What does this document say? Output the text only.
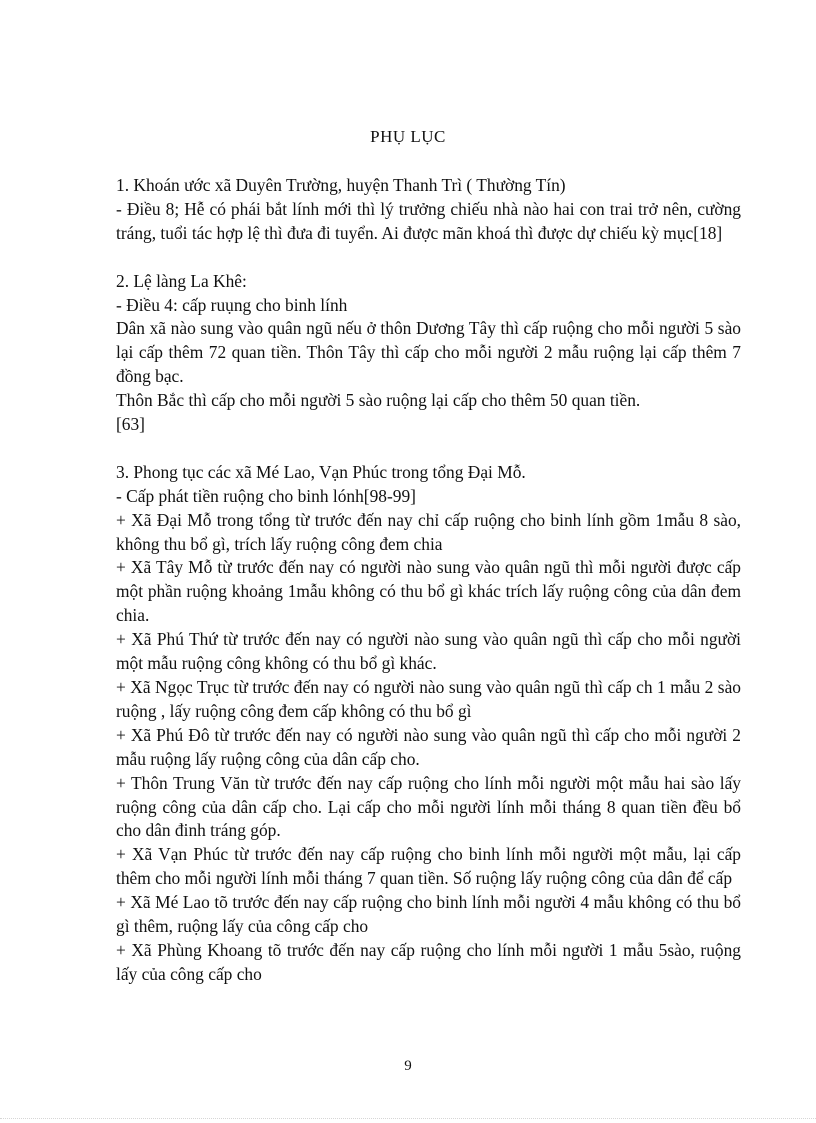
PHỤ LỤC

1. Khoán ước xã Duyên Trường, huyện Thanh Trì ( Thường Tín)

- Điều 8; Hễ có phái bắt lính mới thì lý trưởng chiếu nhà nào hai con trai trở nên, cường tráng, tuổi tác hợp lệ thì đưa đi tuyển. Ai được mãn khoá thì được dự chiếu kỳ mục[18]

2. Lệ làng La Khê:

- Điều 4: cấp ruụng cho binh lính

Dân xã nào sung vào quân ngũ nếu ở thôn Dương Tây thì cấp ruộng cho mỗi người 5 sào lại cấp thêm 72 quan tiền. Thôn Tây thì cấp cho mỗi người 2 mẫu ruộng lại cấp thêm 7 đồng bạc.

Thôn Bắc thì cấp cho mỗi người 5 sào ruộng lại cấp cho thêm 50 quan tiền.

[63]

3. Phong tục các xã Mé Lao, Vạn Phúc trong tổng Đại Mỗ.

- Cấp phát tiền ruộng cho binh lónh[98-99]

+ Xã Đại Mỗ trong tổng từ trước đến nay chỉ cấp ruộng cho binh lính gồm 1mẫu 8 sào, không thu bổ gì, trích lấy ruộng công đem chia

+ Xã Tây Mỗ từ trước đến nay có người nào sung vào quân ngũ thì mỗi người được cấp một phần ruộng khoảng 1mẫu không có thu bổ gì khác trích lấy ruộng công của dân đem chia.

+ Xã Phú Thứ từ trước đến nay có người nào sung vào quân ngũ thì cấp cho mỗi người một mẫu ruộng công không có thu bổ gì khác.

+ Xã Ngọc Trục từ trước đến nay có người nào sung vào quân ngũ thì cấp ch 1 mẫu 2 sào ruộng , lấy ruộng công đem cấp không có thu bổ gì

+ Xã Phú Đô từ trước đến nay có người nào sung vào quân ngũ thì cấp cho mỗi người 2 mẫu ruộng lấy ruộng công của dân cấp cho.

+ Thôn Trung Văn từ trước đến nay cấp ruộng cho lính mỗi người một mẫu hai sào lấy ruộng công của dân cấp cho. Lại cấp cho mỗi người lính mỗi tháng 8 quan tiền đều bổ cho dân đinh tráng góp.

+ Xã Vạn Phúc từ trước đến nay cấp ruộng cho binh lính mỗi người một mẫu, lại cấp thêm cho mỗi người lính mỗi tháng 7 quan tiền. Số ruộng lấy ruộng công của dân để cấp

+ Xã Mé Lao tõ trước đến nay cấp ruộng cho binh lính mỗi người 4 mẫu không có thu bổ gì thêm, ruộng lấy của công cấp cho

+ Xã Phùng Khoang tõ trước đến nay cấp ruộng cho lính mỗi người 1 mẫu 5sào, ruộng lấy của công cấp cho

9
